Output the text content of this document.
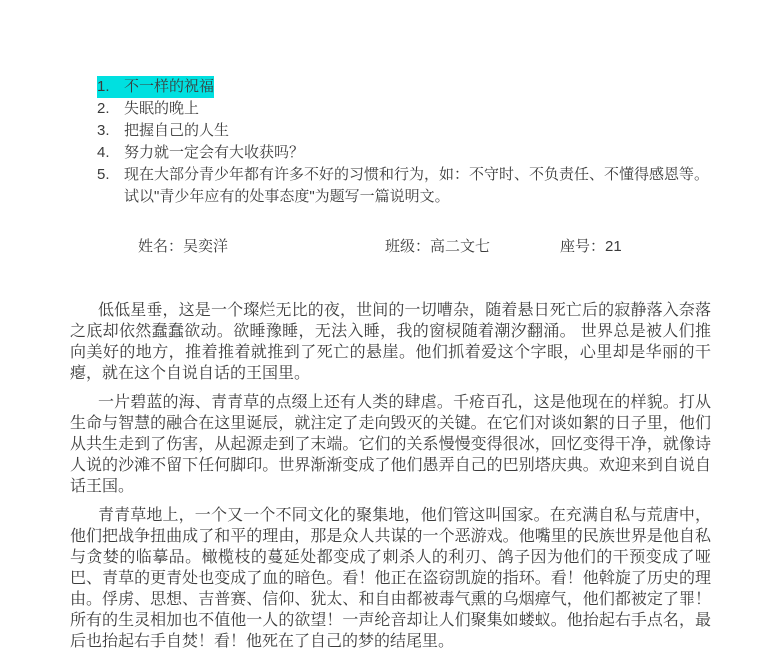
1. 不一样的祝福
2. 失眠的晚上
3. 把握自己的人生
4. 努力就一定会有大收获吗？
5. 现在大部分青少年都有许多不好的习惯和行为，如：不守时、不负责任、不懂得感恩等。试以"青少年应有的处事态度"为题写一篇说明文。
姓名：吴奕洋	班级：高二文七	座号：21

低低星垂，这是一个璨烂无比的夜，世间的一切嘈杂，随着悬日死亡后的寂静落入奈落之底却依然蠢蠢欲动。欲睡豫睡，无法入睡，我的窗棂随着潮汐翻涌。 世界总是被人们推向美好的地方，推着推着就推到了死亡的悬崖。他们抓着爱这个字眼，心里却是华丽的干瘪，就在这个自说自话的王国里。

一片碧蓝的海、青青草的点缀上还有人类的肆虐。千疮百孔，这是他现在的样貌。打从生命与智慧的融合在这里诞辰，就注定了走向毁灭的关键。在它们对谈如絮的日子里，他们从共生走到了伤害，从起源走到了末端。它们的关系慢慢变得很冰，回忆变得干净，就像诗人说的沙滩不留下任何脚印。世界渐渐变成了他们愚弄自己的巴别塔庆典。欢迎来到自说自话王国。

青青草地上，一个又一个不同文化的聚集地，他们管这叫国家。在充满自私与荒唐中，他们把战争扭曲成了和平的理由，那是众人共谋的一个恶游戏。他嘴里的民族世界是他自私与贪婪的临摹品。橄榄枝的蔓延处都变成了刺杀人的利刃、鸽子因为他们的干预变成了哑巴、青草的更青处也变成了血的暗色。看！他正在盗窃凯旋的指环。看！他斡旋了历史的理由。俘虏、思想、吉普赛、信仰、犹太、和自由都被毒气熏的乌烟瘴气，他们都被定了罪！所有的生灵相加也不值他一人的欲望！一声纶音却让人们聚集如蝼蚁。他抬起右手点名，最后也抬起右手自焚！看！他死在了自己的梦的结尾里。
